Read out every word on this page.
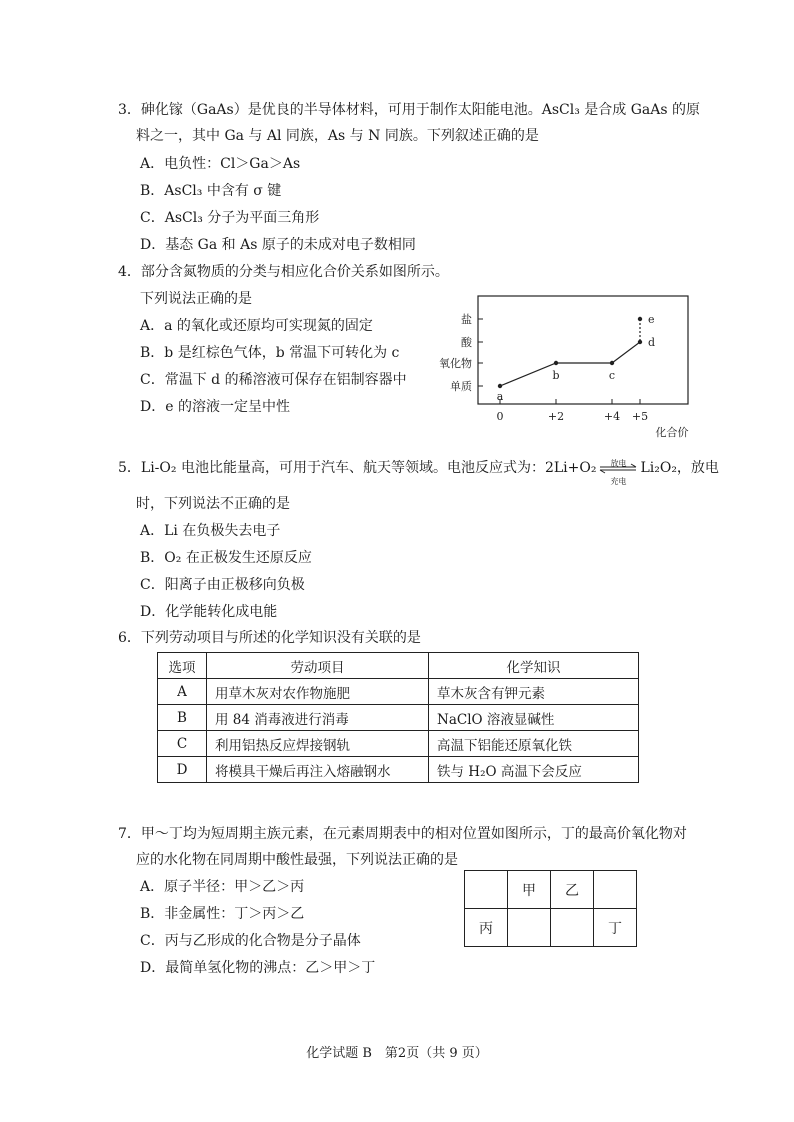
3．砷化镓（GaAs）是优良的半导体材料，可用于制作太阳能电池。AsCl₃ 是合成 GaAs 的原
料之一，其中 Ga 与 Al 同族，As 与 N 同族。下列叙述正确的是
A．电负性：Cl＞Ga＞As
B．AsCl₃ 中含有 σ 键
C．AsCl₃ 分子为平面三角形
D．基态 Ga 和 As 原子的未成对电子数相同
4．部分含氮物质的分类与相应化合价关系如图所示。
下列说法正确的是
A．a 的氧化或还原均可实现氮的固定
B．b 是红棕色气体，b 常温下可转化为 c
C．常温下 d 的稀溶液可保存在铝制容器中
D．e 的溶液一定呈中性
单质
氧化物
酸
盐
0	+2	+4 +5
a
b	c
d
e
化合价
5．Li-O₂ 电池比能量高，可用于汽车、航天等领域。电池反应式为：2Li+O₂	放电
充电
Li₂O₂，放电
时，下列说法不正确的是
A．Li 在负极失去电子
B．O₂ 在正极发生还原反应
C．阳离子由正极移向负极
D．化学能转化成电能
6．下列劳动项目与所述的化学知识没有关联的是
选项	劳动项目	化学知识
A	用草木灰对农作物施肥	草木灰含有钾元素
B	用 84 消毒液进行消毒	NaClO 溶液显碱性
C	利用铝热反应焊接钢轨	高温下铝能还原氧化铁
D	将模具干燥后再注入熔融钢水	铁与 H₂O 高温下会反应
7．甲～丁均为短周期主族元素，在元素周期表中的相对位置如图所示，丁的最高价氧化物对
应的水化物在同周期中酸性最强，下列说法正确的是
A．原子半径：甲＞乙＞丙
B．非金属性：丁＞丙＞乙
C．丙与乙形成的化合物是分子晶体
D．最简单氢化物的沸点：乙＞甲＞丁
	甲	乙	
丙			丁
化学试题 B　第2页（共 9 页）
